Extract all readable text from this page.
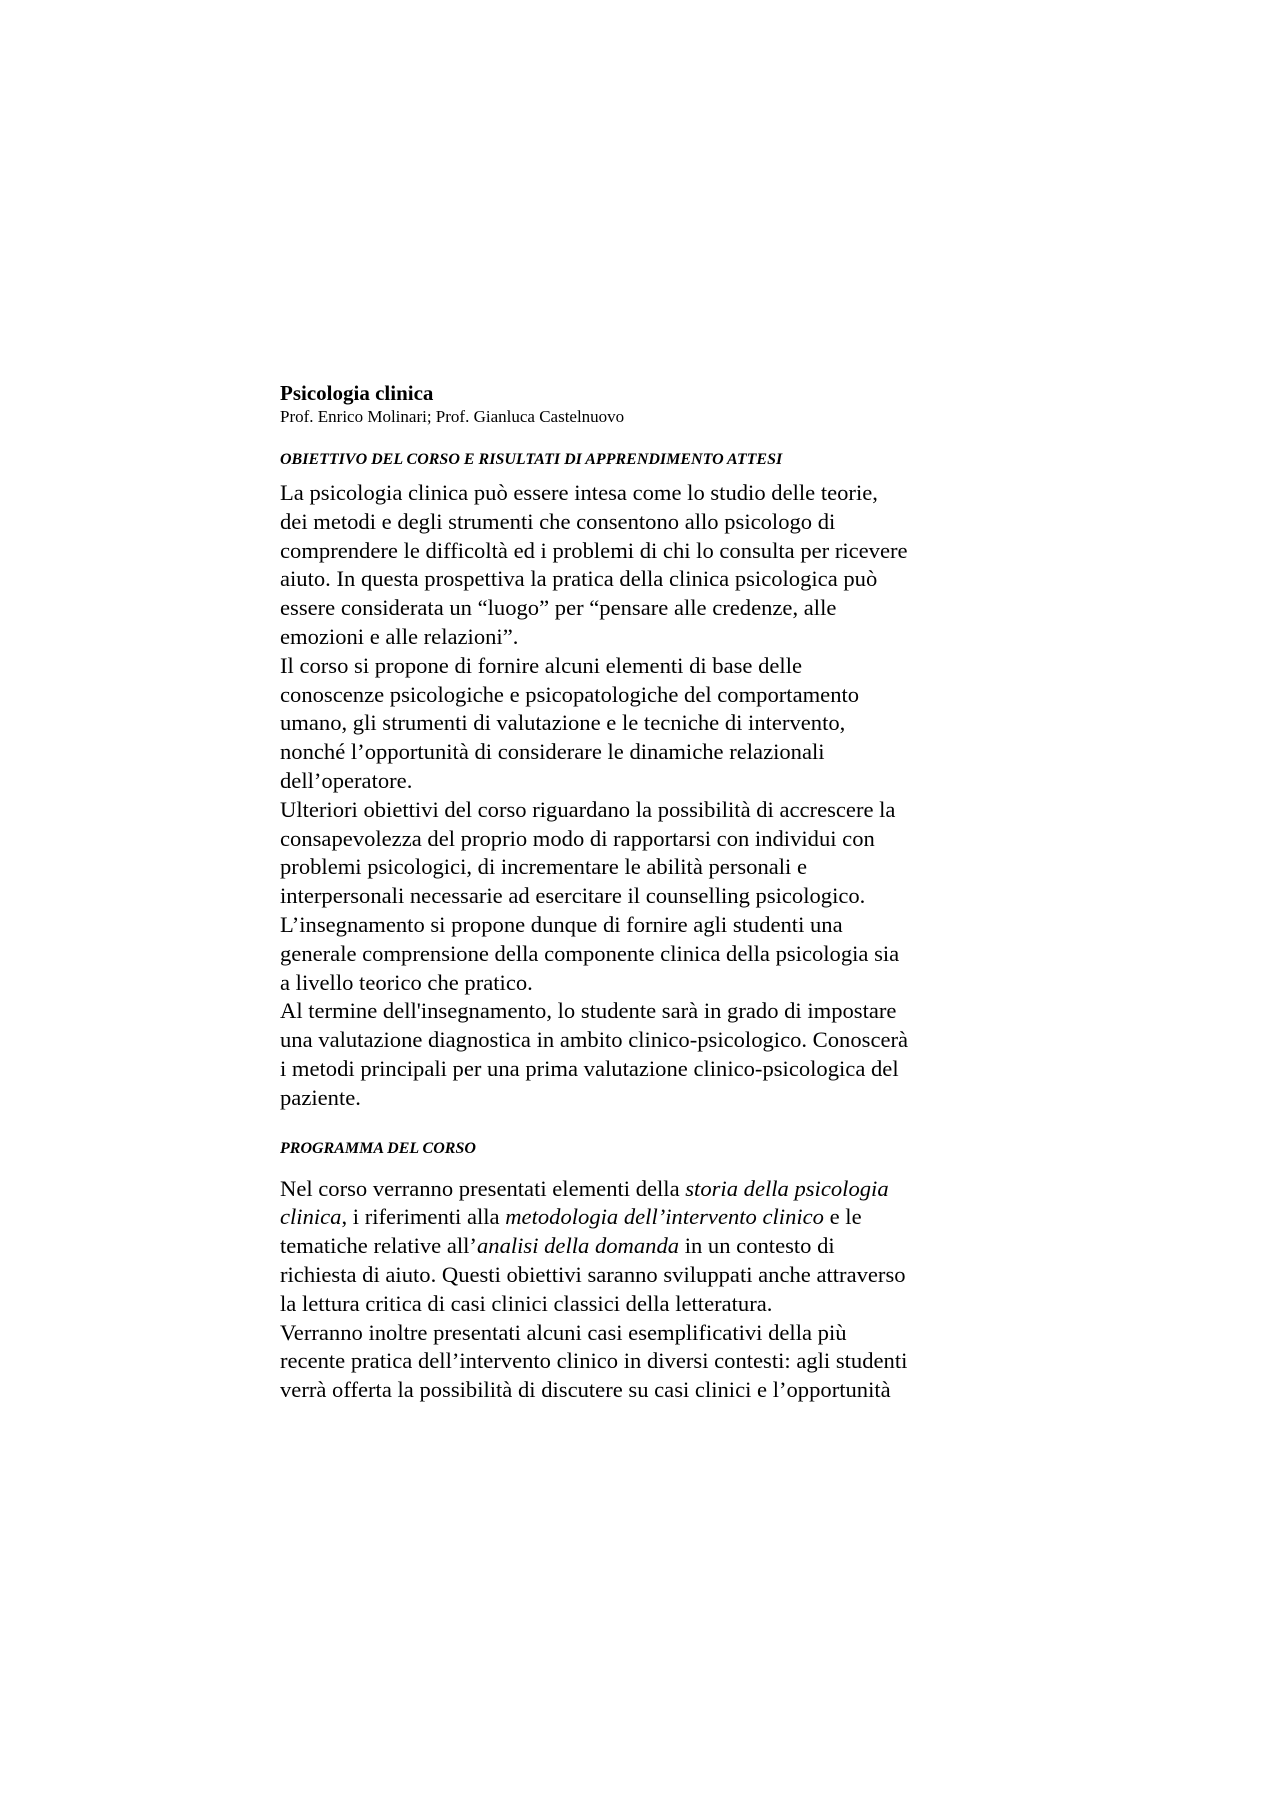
Psicologia clinica

Prof. Enrico Molinari; Prof. Gianluca Castelnuovo

OBIETTIVO DEL CORSO E RISULTATI DI APPRENDIMENTO ATTESI

La psicologia clinica può essere intesa come lo studio delle teorie,
dei metodi e degli strumenti che consentono allo psicologo di
comprendere le difficoltà ed i problemi di chi lo consulta per ricevere
aiuto. In questa prospettiva la pratica della clinica psicologica può
essere considerata un “luogo” per “pensare alle credenze, alle
emozioni e alle relazioni”.
Il corso si propone di fornire alcuni elementi di base delle
conoscenze psicologiche e psicopatologiche del comportamento
umano, gli strumenti di valutazione e le tecniche di intervento,
nonché l’opportunità di considerare le dinamiche relazionali
dell’operatore.
Ulteriori obiettivi del corso riguardano la possibilità di accrescere la
consapevolezza del proprio modo di rapportarsi con individui con
problemi psicologici, di incrementare le abilità personali e
interpersonali necessarie ad esercitare il counselling psicologico.
L’insegnamento si propone dunque di fornire agli studenti una
generale comprensione della componente clinica della psicologia sia
a livello teorico che pratico.
Al termine dell'insegnamento, lo studente sarà in grado di impostare
una valutazione diagnostica in ambito clinico-psicologico. Conoscerà
i metodi principali per una prima valutazione clinico-psicologica del
paziente.

PROGRAMMA DEL CORSO

Nel corso verranno presentati elementi della storia della psicologia
clinica, i riferimenti alla metodologia dell’intervento clinico e le
tematiche relative all’analisi della domanda in un contesto di
richiesta di aiuto. Questi obiettivi saranno sviluppati anche attraverso
la lettura critica di casi clinici classici della letteratura.
Verranno inoltre presentati alcuni casi esemplificativi della più
recente pratica dell’intervento clinico in diversi contesti: agli studenti
verrà offerta la possibilità di discutere su casi clinici e l’opportunità
